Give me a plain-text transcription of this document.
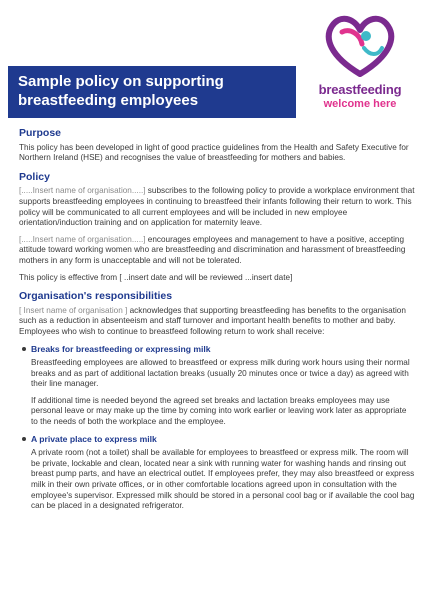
breastfeeding
welcome here
Sample policy on supporting
breastfeeding employees
Purpose

This policy has been developed in light of good practice guidelines from the Health and Safety Executive for Northern Ireland (HSE) and recognises the value of breastfeeding for mothers and babies.

Policy

[.....Insert name of organisation.....] subscribes to the following policy to provide a workplace environment that supports breastfeeding employees in continuing to breastfeed their infants following their return to work. This policy will be communicated to all current employees and will be included in new employee orientation/induction training and on application for maternity leave.

[.....Insert name of organisation.....] encourages employees and management to have a positive, accepting attitude toward working women who are breastfeeding and discrimination and harassment of breastfeeding mothers in any form is unacceptable and will not be tolerated.

This policy is effective from [ ..insert date and will be reviewed ...insert date]

Organisation's responsibilities

[ Insert name of organisation ] acknowledges that supporting breastfeeding has benefits to the organisation such as a reduction in absenteeism and staff turnover and important health benefits to mother and baby. Employees who wish to continue to breastfeed following return to work shall receive:

Breaks for breastfeeding or expressing milk

Breastfeeding employees are allowed to breastfeed or express milk during work hours using their normal breaks and as part of additional lactation breaks (usually 20 minutes once or twice a day) as agreed with their line manager.

If additional time is needed beyond the agreed set breaks and lactation breaks employees may use personal leave or may make up the time by coming into work earlier or leaving work later as appropriate to the needs of both the workplace and the employee.

A private place to express milk

A private room (not a toilet) shall be available for employees to breastfeed or express milk. The room will be private, lockable and clean, located near a sink with running water for washing hands and rinsing out breast pump parts, and have an electrical outlet. If employees prefer, they may also breastfeed or express milk in their own private offices, or in other comfortable locations agreed upon in consultation with the employee's supervisor. Expressed milk should be stored in a personal cool bag or if available the cool bag can be placed in a designated refrigerator.
